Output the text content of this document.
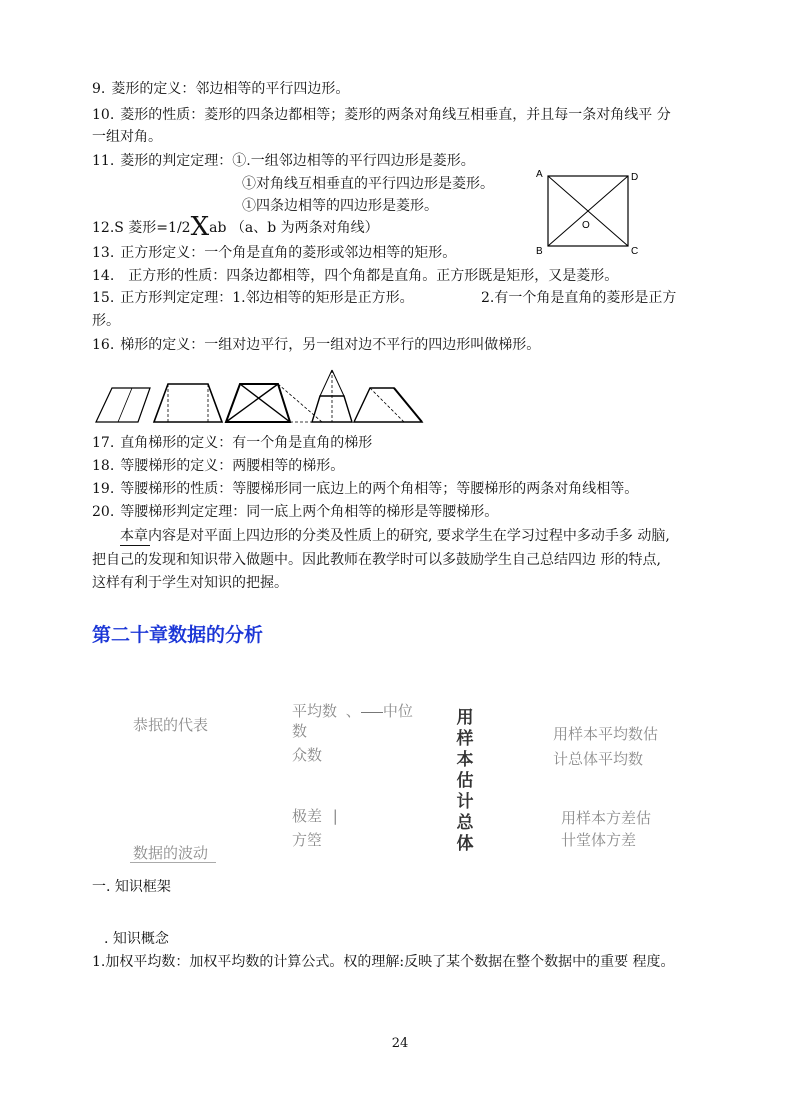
9. 菱形的定义：邻边相等的平行四边形。
10. 菱形的性质：菱形的四条边都相等；菱形的两条对角线互相垂直，并且每一条对角线平 分
一组对角。
11. 菱形的判定定理：①.一组邻边相等的平行四边形是菱形。
①对角线互相垂直的平行四边形是菱形。
①四条边相等的四边形是菱形。
12.S 菱形=1/2Xab （a、b 为两条对角线）
13. 正方形定义：一个角是直角的菱形或邻边相等的矩形。
14. 正方形的性质：四条边都相等，四个角都是直角。正方形既是矩形，又是菱形。
15. 正方形判定定理：1.邻边相等的矩形是正方形。	2.有一个角是直角的菱形是正方
形。
16. 梯形的定义：一组对边平行，另一组对边不平行的四边形叫做梯形。
A	D
B	C
O
17. 直角梯形的定义：有一个角是直角的梯形
18. 等腰梯形的定义：两腰相等的梯形。
19. 等腰梯形的性质：等腰梯形同一底边上的两个角相等；等腰梯形的两条对角线相等。
20. 等腰梯形判定定理：同一底上两个角相等的梯形是等腰梯形。
本章内容是对平面上四边形的分类及性质上的研究, 要求学生在学习过程中多动手多 动脑,
把自己的发现和知识带入做题中。因此教师在教学时可以多鼓励学生自己总结四边 形的特点,
这样有利于学生对知识的把握。
第二十章数据的分析
恭抿的代表
平均数 、 中位
数
众数
极差 |
方箜
数据的波动
用
样
本
估
计
总
体
用样本平均数估
计总体平均数
用样本方差估
卄堂体方差
一. 知识框架
. 知识概念
1.加权平均数：加权平均数的计算公式。权的理解:反映了某个数据在整个数据中的重要 程度。
24
